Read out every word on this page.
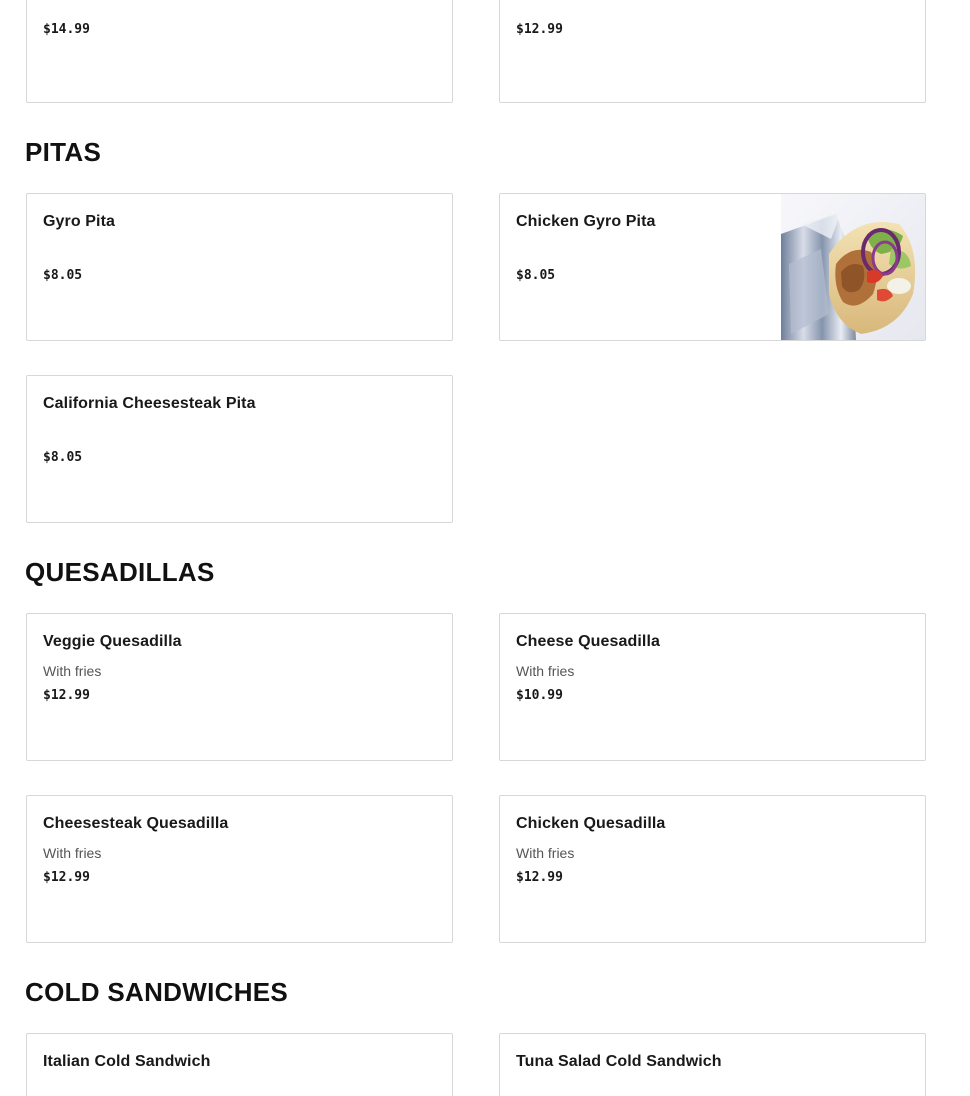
$14.99	$12.99
PITAS
Gyro Pita
$8.05
Chicken Gyro Pita
$8.05
California Cheesesteak Pita
$8.05
QUESADILLAS
Veggie Quesadilla
With fries
$12.99
Cheese Quesadilla
With fries
$10.99
Cheesesteak Quesadilla
With fries
$12.99
Chicken Quesadilla
With fries
$12.99
COLD SANDWICHES
Italian Cold Sandwich	Tuna Salad Cold Sandwich
